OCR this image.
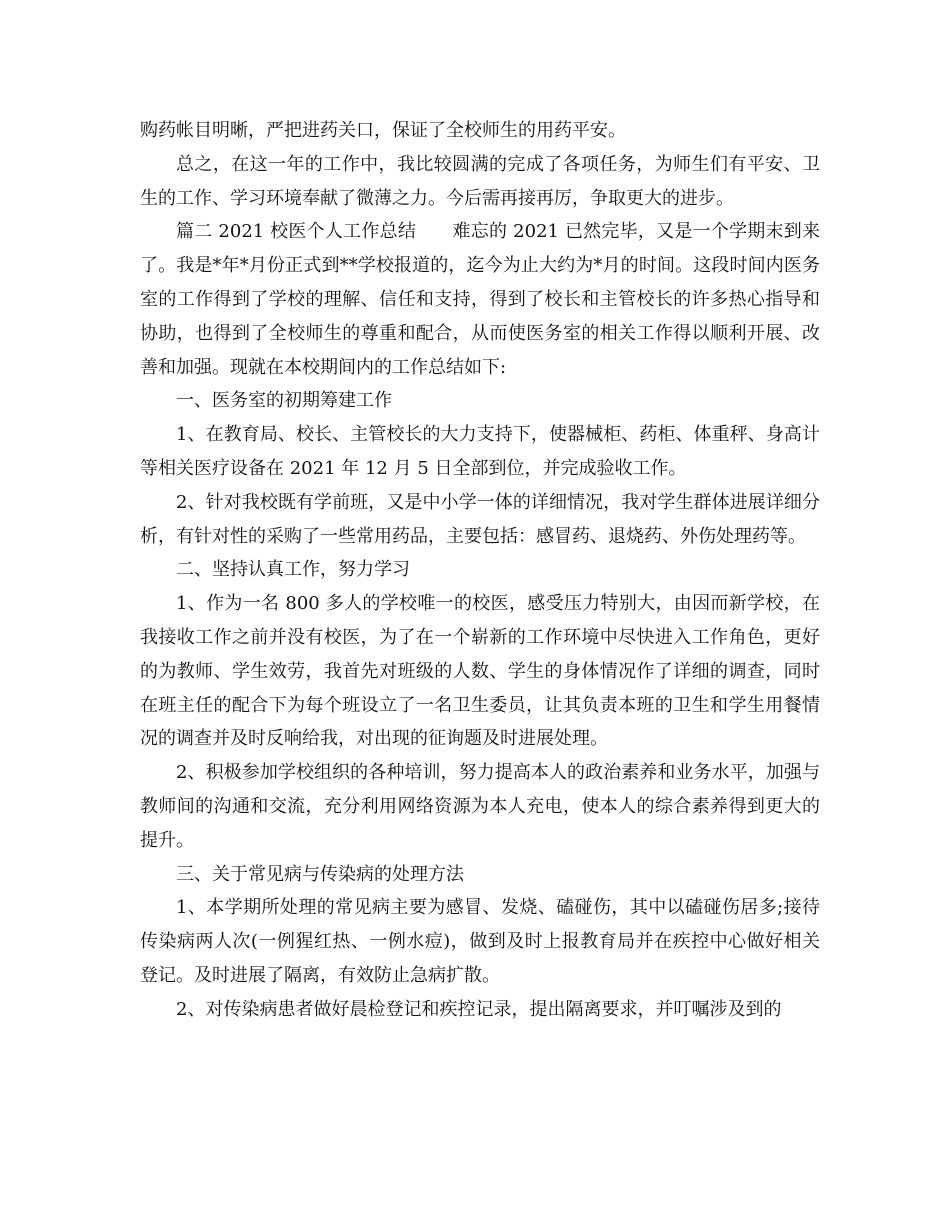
购药帐目明晰，严把进药关口，保证了全校师生的用药平安。

总之，在这一年的工作中，我比较圆满的完成了各项任务，为师生们有平安、卫生的工作、学习环境奉献了微薄之力。今后需再接再厉，争取更大的进步。

篇二 2021 校医个人工作总结　　难忘的 2021 已然完毕，又是一个学期末到来了。我是*年*月份正式到**学校报道的，迄今为止大约为*月的时间。这段时间内医务室的工作得到了学校的理解、信任和支持，得到了校长和主管校长的许多热心指导和协助，也得到了全校师生的尊重和配合，从而使医务室的相关工作得以顺利开展、改善和加强。现就在本校期间内的工作总结如下:

一、医务室的初期筹建工作

1、在教育局、校长、主管校长的大力支持下，使器械柜、药柜、体重秤、身高计等相关医疗设备在 2021 年 12 月 5 日全部到位，并完成验收工作。

2、针对我校既有学前班，又是中小学一体的详细情况，我对学生群体进展详细分析，有针对性的采购了一些常用药品，主要包括：感冒药、退烧药、外伤处理药等。

二、坚持认真工作，努力学习

1、作为一名 800 多人的学校唯一的校医，感受压力特别大，由因而新学校，在我接收工作之前并没有校医，为了在一个崭新的工作环境中尽快进入工作角色，更好的为教师、学生效劳，我首先对班级的人数、学生的身体情况作了详细的调查，同时在班主任的配合下为每个班设立了一名卫生委员，让其负责本班的卫生和学生用餐情况的调查并及时反响给我，对出现的征询题及时进展处理。

2、积极参加学校组织的各种培训，努力提高本人的政治素养和业务水平，加强与教师间的沟通和交流，充分利用网络资源为本人充电，使本人的综合素养得到更大的提升。

三、关于常见病与传染病的处理方法

1、本学期所处理的常见病主要为感冒、发烧、磕碰伤，其中以磕碰伤居多;接待传染病两人次(一例猩红热、一例水痘)，做到及时上报教育局并在疾控中心做好相关登记。及时进展了隔离，有效防止急病扩散。

2、对传染病患者做好晨检登记和疾控记录，提出隔离要求，并叮嘱涉及到的
